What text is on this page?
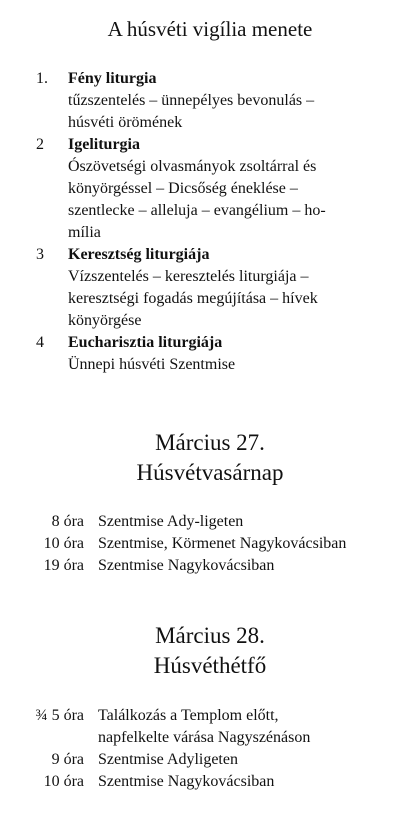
A húsvéti vigília menete
1.	Fény liturgia
tűzszentelés – ünnepélyes bevonulás –
húsvéti örömének
2	Igeliturgia
Ószövetségi olvasmányok zsoltárral és
könyörgéssel – Dicsőség éneklése –
szentlecke – alleluja – evangélium – ho-
mília
3	Keresztség liturgiája
Vízszentelés – keresztelés liturgiája –
keresztségi fogadás megújítása – hívek
könyörgése
4	Eucharisztia liturgiája
Ünnepi húsvéti Szentmise
Március 27.
Húsvétvasárnap
8 óra Szentmise Ady-ligeten
10 óra Szentmise, Körmenet Nagykovácsiban
19 óra Szentmise Nagykovácsiban
Március 28.
Húsvéthétfő
¾ 5 óra Találkozás a Templom előtt,
napfelkelte várása Nagyszénáson
9 óra Szentmise Adyligeten
10 óra Szentmise Nagykovácsiban
